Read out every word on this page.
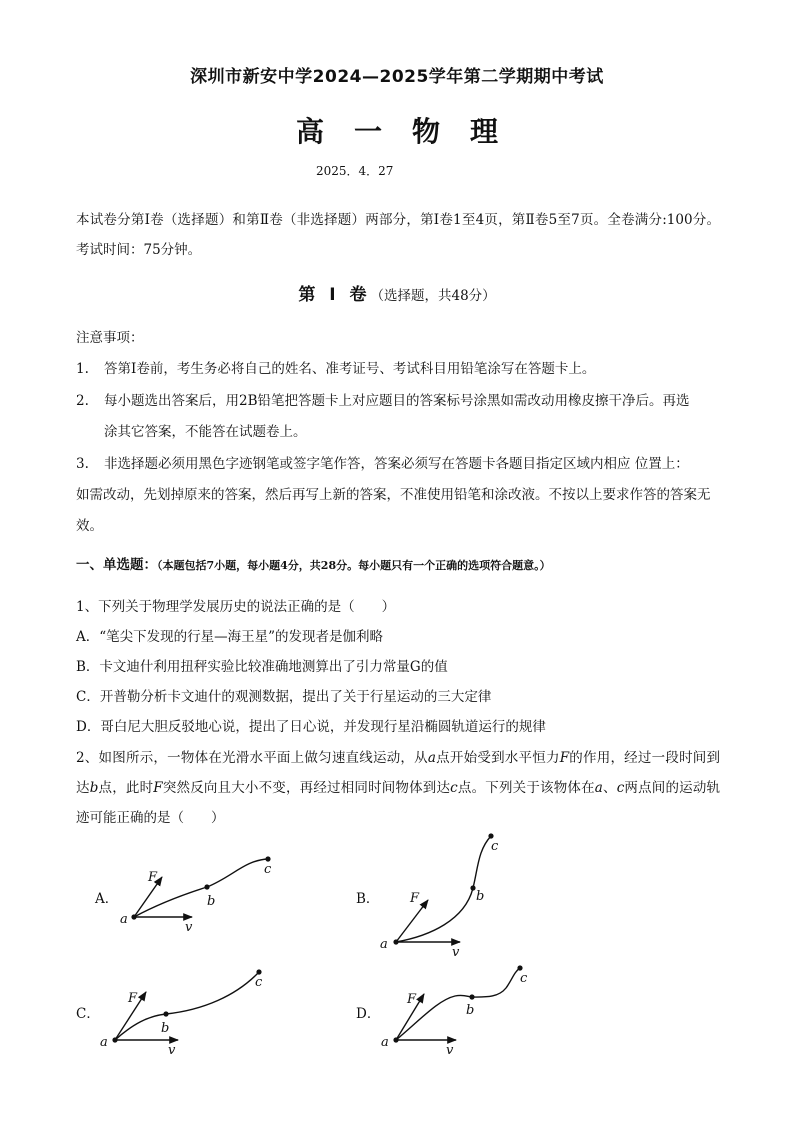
深圳市新安中学2024—2025学年第二学期期中考试
高一物理
2025．4．27
本试卷分第Ⅰ卷（选择题）和第Ⅱ卷（非选择题）两部分，第Ⅰ卷1至4页，第Ⅱ卷5至7页。全卷满分:100分。考试时间：75分钟。
第 I 卷（选择题，共48分）
注意事项：
1. 答第Ⅰ卷前，考生务必将自己的姓名、准考证号、考试科目用铅笔涂写在答题卡上。
2. 每小题选出答案后，用2B铅笔把答题卡上对应题目的答案标号涂黑如需改动用橡皮擦干净后。再选
涂其它答案，不能答在试题卷上。
3. 非选择题必须用黑色字迹钢笔或签字笔作答，答案必须写在答题卡各题目指定区域内相应 位置上：
如需改动，先划掉原来的答案，然后再写上新的答案，不准使用铅笔和涂改液。不按以上要求作答的答案无效。
一、单选题：（本题包括7小题，每小题4分，共28分。每小题只有一个正确的选项符合题意。）
1、下列关于物理学发展历史的说法正确的是（　　）
A．“笔尖下发现的行星—海王星”的发现者是伽利略
B．卡文迪什利用扭秤实验比较准确地测算出了引力常量G的值
C．开普勒分析卡文迪什的观测数据，提出了关于行星运动的三大定律
D．哥白尼大胆反驳地心说，提出了日心说，并发现行星沿椭圆轨道运行的规律
2、如图所示，一物体在光滑水平面上做匀速直线运动，从a点开始受到水平恒力F的作用，经过一段时间到达b点，此时F突然反向且大小不变，再经过相同时间物体到达c点。下列关于该物体在a、c两点间的运动轨迹可能正确的是（　　）
A．
a
b
c
F
v
B．
a
b
c
F
v
C．
a
b
c
F
v
D．
a
b
c
F
v
